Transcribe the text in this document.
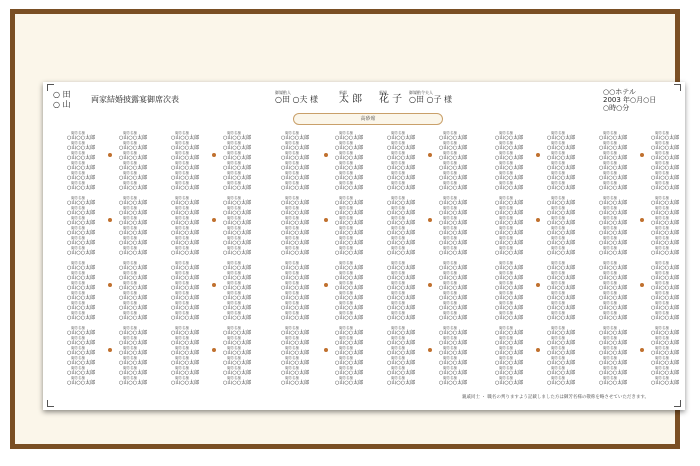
○ 田
○ 山
両家結婚披露宴御席次表
御媒酌人
○田 ○夫 様
新郎
太 郎
新婦
花 子
御媒酌令夫人
○田 ○子 様
○○ホテル
2003 年○月○日
○時○分
高砂席
御芳名様
○山○○太郎
御芳名様
○山○○太郎
御芳名様
○山○○太郎
御芳名様
○山○○太郎
御芳名様
○山○○太郎
御芳名様
○山○○太郎
御芳名様
○山○○太郎
御芳名様
○山○○太郎
御芳名様
○山○○太郎
御芳名様
○山○○太郎
御芳名様
○山○○太郎
御芳名様
○山○○太郎
御芳名様
○山○○太郎
御芳名様
○山○○太郎
御芳名様
○山○○太郎
御芳名様
○山○○太郎
御芳名様
○山○○太郎
御芳名様
○山○○太郎
御芳名様
○山○○太郎
御芳名様
○山○○太郎
御芳名様
○山○○太郎
御芳名様
○山○○太郎
御芳名様
○山○○太郎
御芳名様
○山○○太郎
御芳名様
○山○○太郎
御芳名様
○山○○太郎
御芳名様
○山○○太郎
御芳名様
○山○○太郎
御芳名様
○山○○太郎
御芳名様
○山○○太郎
御芳名様
○山○○太郎
御芳名様
○山○○太郎
御芳名様
○山○○太郎
御芳名様
○山○○太郎
御芳名様
○山○○太郎
御芳名様
○山○○太郎
御芳名様
○山○○太郎
御芳名様
○山○○太郎
御芳名様
○山○○太郎
御芳名様
○山○○太郎
御芳名様
○山○○太郎
御芳名様
○山○○太郎
御芳名様
○山○○太郎
御芳名様
○山○○太郎
御芳名様
○山○○太郎
御芳名様
○山○○太郎
御芳名様
○山○○太郎
御芳名様
○山○○太郎
御芳名様
○山○○太郎
御芳名様
○山○○太郎
御芳名様
○山○○太郎
御芳名様
○山○○太郎
御芳名様
○山○○太郎
御芳名様
○山○○太郎
御芳名様
○山○○太郎
御芳名様
○山○○太郎
御芳名様
○山○○太郎
御芳名様
○山○○太郎
御芳名様
○山○○太郎
御芳名様
○山○○太郎
御芳名様
○山○○太郎
御芳名様
○山○○太郎
御芳名様
○山○○太郎
御芳名様
○山○○太郎
御芳名様
○山○○太郎
御芳名様
○山○○太郎
御芳名様
○山○○太郎
御芳名様
○山○○太郎
御芳名様
○山○○太郎
御芳名様
○山○○太郎
御芳名様
○山○○太郎
御芳名様
○山○○太郎
御芳名様
○山○○太郎
御芳名様
○山○○太郎
御芳名様
○山○○太郎
御芳名様
○山○○太郎
御芳名様
○山○○太郎
御芳名様
○山○○太郎
御芳名様
○山○○太郎
御芳名様
○山○○太郎
御芳名様
○山○○太郎
御芳名様
○山○○太郎
御芳名様
○山○○太郎
御芳名様
○山○○太郎
御芳名様
○山○○太郎
御芳名様
○山○○太郎
御芳名様
○山○○太郎
御芳名様
○山○○太郎
御芳名様
○山○○太郎
御芳名様
○山○○太郎
御芳名様
○山○○太郎
御芳名様
○山○○太郎
御芳名様
○山○○太郎
御芳名様
○山○○太郎
御芳名様
○山○○太郎
御芳名様
○山○○太郎
御芳名様
○山○○太郎
御芳名様
○山○○太郎
御芳名様
○山○○太郎
御芳名様
○山○○太郎
御芳名様
○山○○太郎
御芳名様
○山○○太郎
御芳名様
○山○○太郎
御芳名様
○山○○太郎
御芳名様
○山○○太郎
御芳名様
○山○○太郎
御芳名様
○山○○太郎
御芳名様
○山○○太郎
御芳名様
○山○○太郎
御芳名様
○山○○太郎
御芳名様
○山○○太郎
御芳名様
○山○○太郎
御芳名様
○山○○太郎
御芳名様
○山○○太郎
御芳名様
○山○○太郎
御芳名様
○山○○太郎
御芳名様
○山○○太郎
御芳名様
○山○○太郎
御芳名様
○山○○太郎
御芳名様
○山○○太郎
御芳名様
○山○○太郎
御芳名様
○山○○太郎
御芳名様
○山○○太郎
御芳名様
○山○○太郎
御芳名様
○山○○太郎
御芳名様
○山○○太郎
御芳名様
○山○○太郎
御芳名様
○山○○太郎
御芳名様
○山○○太郎
御芳名様
○山○○太郎
御芳名様
○山○○太郎
御芳名様
○山○○太郎
御芳名様
○山○○太郎
御芳名様
○山○○太郎
御芳名様
○山○○太郎
御芳名様
○山○○太郎
御芳名様
○山○○太郎
御芳名様
○山○○太郎
御芳名様
○山○○太郎
御芳名様
○山○○太郎
御芳名様
○山○○太郎
御芳名様
○山○○太郎
御芳名様
○山○○太郎
御芳名様
○山○○太郎
御芳名様
○山○○太郎
御芳名様
○山○○太郎
御芳名様
○山○○太郎
御芳名様
○山○○太郎
御芳名様
○山○○太郎
御芳名様
○山○○太郎
御芳名様
○山○○太郎
御芳名様
○山○○太郎
御芳名様
○山○○太郎
御芳名様
○山○○太郎
御芳名様
○山○○太郎
御芳名様
○山○○太郎
御芳名様
○山○○太郎
御芳名様
○山○○太郎
御芳名様
○山○○太郎
御芳名様
○山○○太郎
御芳名様
○山○○太郎
御芳名様
○山○○太郎
御芳名様
○山○○太郎
御芳名様
○山○○太郎
御芳名様
○山○○太郎
御芳名様
○山○○太郎
御芳名様
○山○○太郎
御芳名様
○山○○太郎
御芳名様
○山○○太郎
御芳名様
○山○○太郎
御芳名様
○山○○太郎
御芳名様
○山○○太郎
御芳名様
○山○○太郎
御芳名様
○山○○太郎
御芳名様
○山○○太郎
御芳名様
○山○○太郎
御芳名様
○山○○太郎
御芳名様
○山○○太郎
御芳名様
○山○○太郎
御芳名様
○山○○太郎
御芳名様
○山○○太郎
御芳名様
○山○○太郎
御芳名様
○山○○太郎
御芳名様
○山○○太郎
御芳名様
○山○○太郎
御芳名様
○山○○太郎
御芳名様
○山○○太郎
御芳名様
○山○○太郎
御芳名様
○山○○太郎
御芳名様
○山○○太郎
御芳名様
○山○○太郎
御芳名様
○山○○太郎
御芳名様
○山○○太郎
御芳名様
○山○○太郎
御芳名様
○山○○太郎
御芳名様
○山○○太郎
御芳名様
○山○○太郎
御芳名様
○山○○太郎
御芳名様
○山○○太郎
御芳名様
○山○○太郎
御芳名様
○山○○太郎
御芳名様
○山○○太郎
御芳名様
○山○○太郎
御芳名様
○山○○太郎
御芳名様
○山○○太郎
御芳名様
○山○○太郎
御芳名様
○山○○太郎
御芳名様
○山○○太郎
御芳名様
○山○○太郎
御芳名様
○山○○太郎
御芳名様
○山○○太郎
御芳名様
○山○○太郎
御芳名様
○山○○太郎
御芳名様
○山○○太郎
御芳名様
○山○○太郎
御芳名様
○山○○太郎
御芳名様
○山○○太郎
御芳名様
○山○○太郎
御芳名様
○山○○太郎
御芳名様
○山○○太郎
御芳名様
○山○○太郎
御芳名様
○山○○太郎
御芳名様
○山○○太郎
御芳名様
○山○○太郎
御芳名様
○山○○太郎
御芳名様
○山○○太郎
御芳名様
○山○○太郎
御芳名様
○山○○太郎
御芳名様
○山○○太郎
御芳名様
○山○○太郎
御芳名様
○山○○太郎
御芳名様
○山○○太郎
御芳名様
○山○○太郎
御芳名様
○山○○太郎
御芳名様
○山○○太郎
御芳名様
○山○○太郎
御芳名様
○山○○太郎
御芳名様
○山○○太郎
御芳名様
○山○○太郎
御芳名様
○山○○太郎
御芳名様
○山○○太郎
御芳名様
○山○○太郎
御芳名様
○山○○太郎
御芳名様
○山○○太郎
御芳名様
○山○○太郎
御芳名様
○山○○太郎
御芳名様
○山○○太郎
御芳名様
○山○○太郎
御芳名様
○山○○太郎
御芳名様
○山○○太郎
御芳名様
○山○○太郎
御芳名様
○山○○太郎
御芳名様
○山○○太郎
御芳名様
○山○○太郎
御芳名様
○山○○太郎
御芳名様
○山○○太郎
御芳名様
○山○○太郎
御芳名様
○山○○太郎
御芳名様
○山○○太郎
御芳名様
○山○○太郎
御芳名様
○山○○太郎
御芳名様
○山○○太郎
御芳名様
○山○○太郎
御芳名様
○山○○太郎
御芳名様
○山○○太郎
御芳名様
○山○○太郎
御芳名様
○山○○太郎
御芳名様
○山○○太郎
御芳名様
○山○○太郎
御芳名様
○山○○太郎
御芳名様
○山○○太郎
御芳名様
○山○○太郎
御芳名様
○山○○太郎
御芳名様
○山○○太郎
御芳名様
○山○○太郎
御芳名様
○山○○太郎
御芳名様
○山○○太郎
御芳名様
○山○○太郎
御芳名様
○山○○太郎
御芳名様
○山○○太郎
御芳名様
○山○○太郎
御芳名様
○山○○太郎
御芳名様
○山○○太郎
御芳名様
○山○○太郎
御芳名様
○山○○太郎
御芳名様
○山○○太郎
御芳名様
○山○○太郎
御芳名様
○山○○太郎
親戚同士 ・ 職名の判りますよう記載しました方は御芳名様の敬称を略させていただきます。
